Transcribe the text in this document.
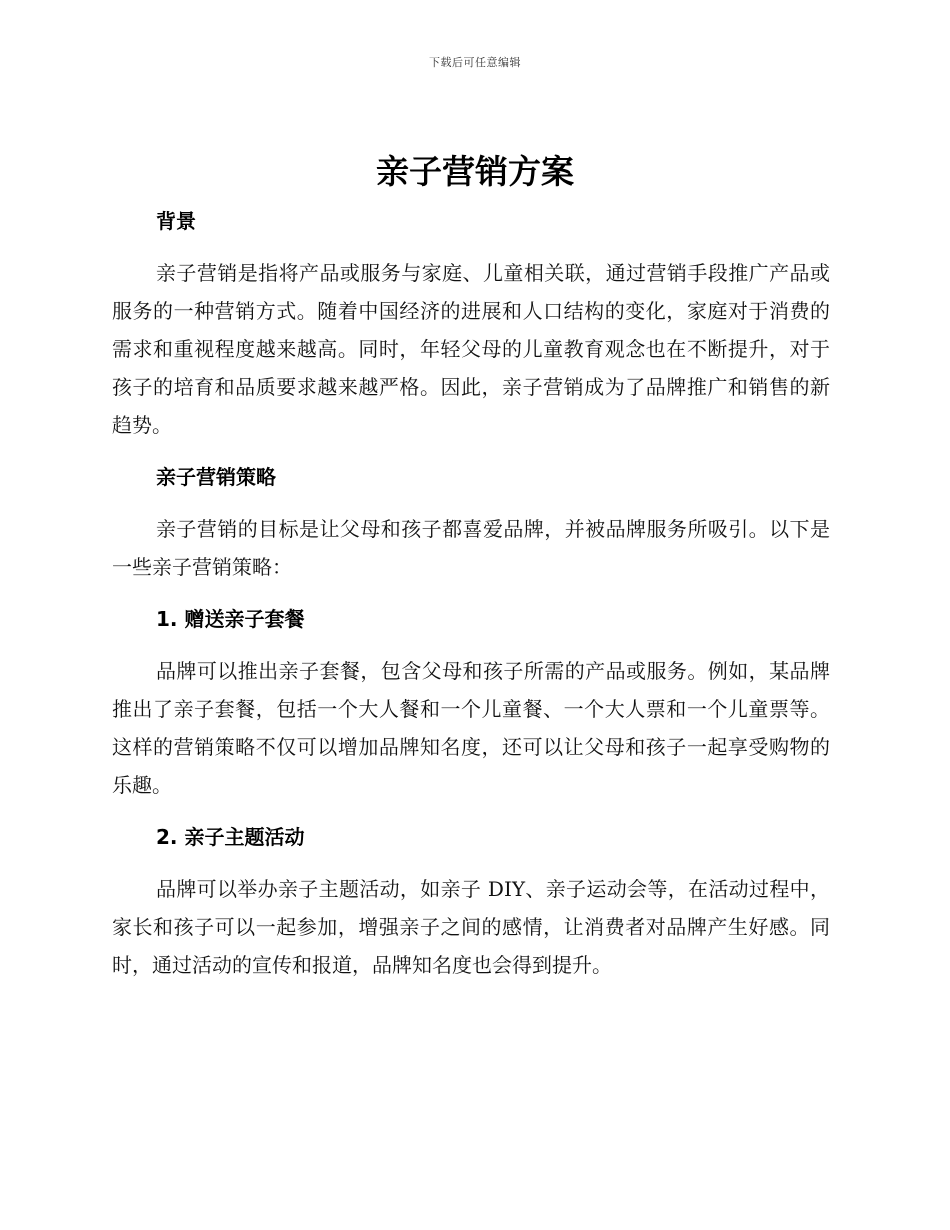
下载后可任意编辑
亲子营销方案
背景

亲子营销是指将产品或服务与家庭、儿童相关联，通过营销手段推广产品或服务的一种营销方式。随着中国经济的进展和人口结构的变化，家庭对于消费的需求和重视程度越来越高。同时，年轻父母的儿童教育观念也在不断提升，对于孩子的培育和品质要求越来越严格。因此，亲子营销成为了品牌推广和销售的新趋势。

亲子营销策略

亲子营销的目标是让父母和孩子都喜爱品牌，并被品牌服务所吸引。以下是一些亲子营销策略：

1. 赠送亲子套餐

品牌可以推出亲子套餐，包含父母和孩子所需的产品或服务。例如，某品牌推出了亲子套餐，包括一个大人餐和一个儿童餐、一个大人票和一个儿童票等。这样的营销策略不仅可以增加品牌知名度，还可以让父母和孩子一起享受购物的乐趣。

2. 亲子主题活动

品牌可以举办亲子主题活动，如亲子 DIY、亲子运动会等，在活动过程中，家长和孩子可以一起参加，增强亲子之间的感情，让消费者对品牌产生好感。同时，通过活动的宣传和报道，品牌知名度也会得到提升。
